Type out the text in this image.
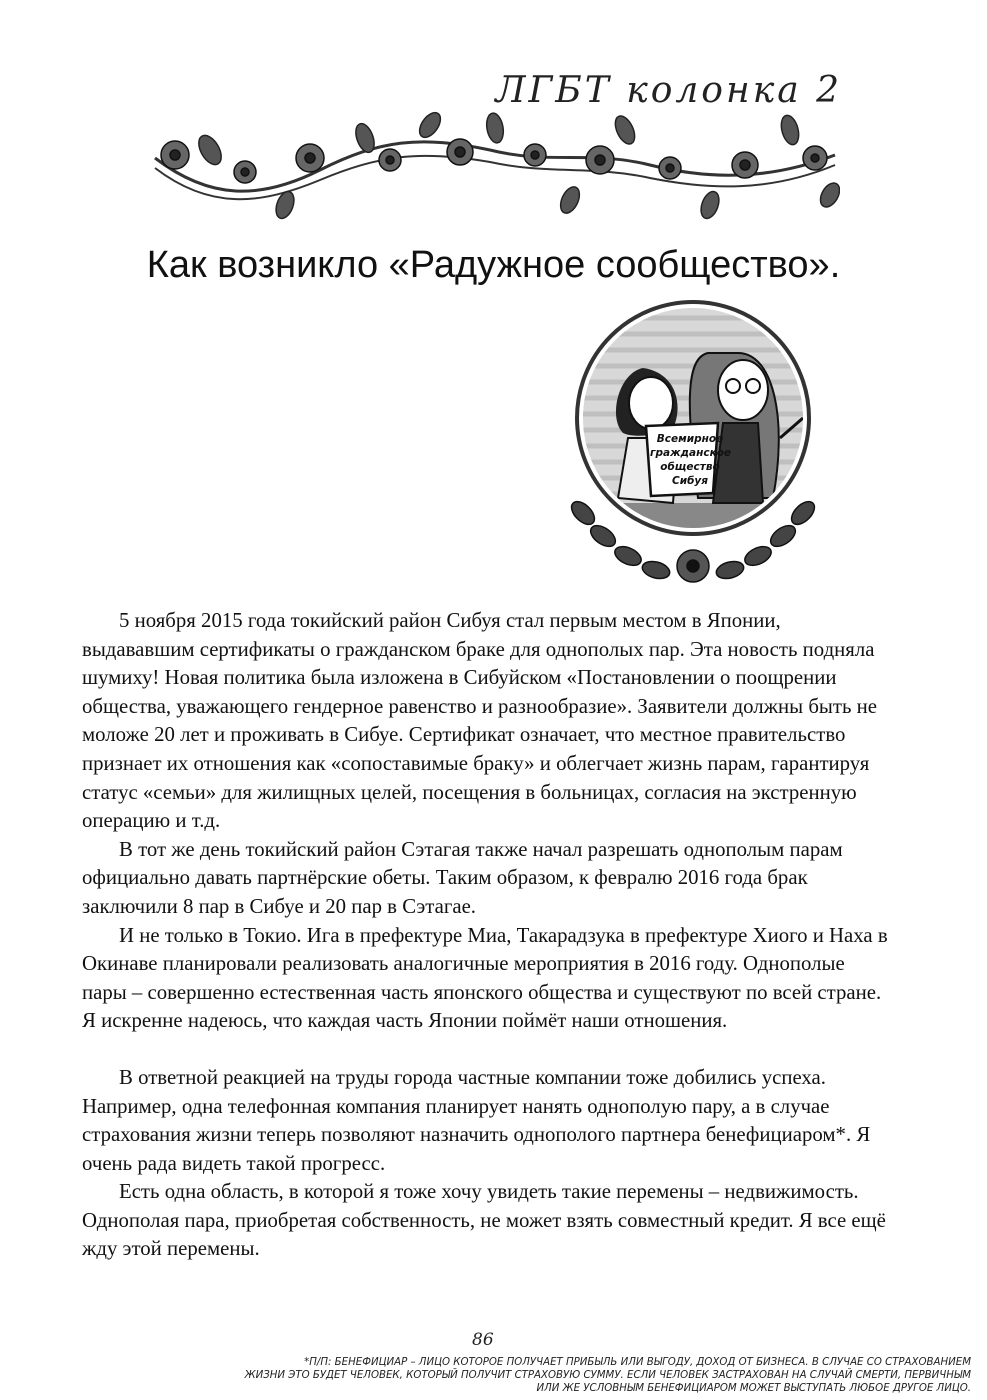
ЛГБТ колонка 2
Как возникло «Радужное сообщество».
Всемирное
гражданское
общество
Сибуя

5 ноября 2015 года токийский район Сибуя стал первым местом в Японии, выдававшим сертификаты о гражданском браке для однополых пар. Эта новость подняла шумиху! Новая политика была изложена в Сибуйском «Постановлении о поощрении общества, уважающего гендерное равенство и разнообразие». Заявители должны быть не моложе 20 лет и проживать в Сибуе. Сертификат означает, что местное правительство признает их отношения как «сопоставимые браку» и облегчает жизнь парам, гарантируя статус «семьи» для жилищных целей, посещения в больницах, согласия на экстренную операцию и т.д.

В тот же день токийский район Сэтагая также начал разрешать однополым парам официально давать партнёрские обеты. Таким образом, к февралю 2016 года брак заключили 8 пар в Сибуе и 20 пар в Сэтагае.

И не только в Токио. Ига в префектуре Миа, Такарадзука в префектуре Хиого и Наха в Окинаве планировали реализовать аналогичные мероприятия в 2016 году. Однополые пары – совершенно естественная часть японского общества и существуют по всей стране. Я искренне надеюсь, что каждая часть Японии поймёт наши отношения.

В ответной реакцией на труды города частные компании тоже добились успеха. Например, одна телефонная компания планирует нанять однополую пару, а в случае страхования жизни теперь позволяют назначить однополого партнера бенефициаром*. Я очень рада видеть такой прогресс.

Есть одна область, в которой я тоже хочу увидеть такие перемены – недвижимость. Однополая пара, приобретая собственность, не может взять совместный кредит. Я все ещё жду этой перемены.

86
*П/П: БЕНЕФИЦИАР – ЛИЦО КОТОРОЕ ПОЛУЧАЕТ ПРИБЫЛЬ ИЛИ ВЫГОДУ, ДОХОД ОТ БИЗНЕСА. В СЛУЧАЕ СО СТРАХОВАНИЕМ
ЖИЗНИ ЭТО БУДЕТ ЧЕЛОВЕК, КОТОРЫЙ ПОЛУЧИТ СТРАХОВУЮ СУММУ. ЕСЛИ ЧЕЛОВЕК ЗАСТРАХОВАН НА СЛУЧАЙ СМЕРТИ, ПЕРВИЧНЫМ
ИЛИ ЖЕ УСЛОВНЫМ БЕНЕФИЦИАРОМ МОЖЕТ ВЫСТУПАТЬ ЛЮБОЕ ДРУГОЕ ЛИЦО.
